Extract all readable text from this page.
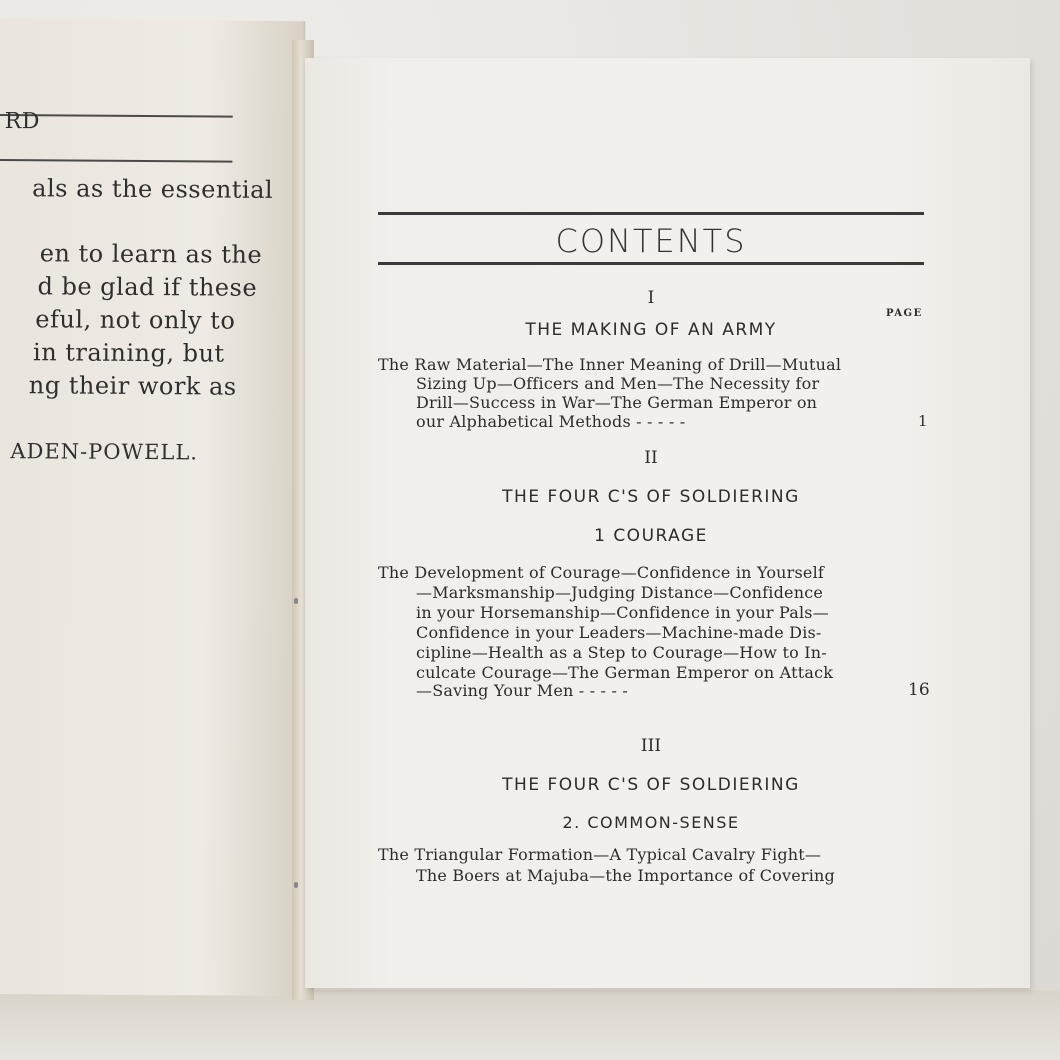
RD
als as the essential
en to learn as the
d be glad if these
eful, not only to
in training, but
ng their work as
ADEN-POWELL.
CONTENTS
I
PAGE
THE MAKING OF AN ARMY
The Raw Material—The Inner Meaning of Drill—Mutual
Sizing Up—Officers and Men—The Necessity for
Drill—Success in War—The German Emperor on
our Alphabetical Methods - - - - -	1
II
THE FOUR C'S OF SOLDIERING
1 COURAGE
The Development of Courage—Confidence in Yourself
—Marksmanship—Judging Distance—Confidence
in your Horsemanship—Confidence in your Pals—
Confidence in your Leaders—Machine-made Dis-
cipline—Health as a Step to Courage—How to In-
culcate Courage—The German Emperor on Attack
—Saving Your Men - - - - -	16
III
THE FOUR C'S OF SOLDIERING
2. COMMON-SENSE
The Triangular Formation—A Typical Cavalry Fight—
The Boers at Majuba—the Importance of Covering
